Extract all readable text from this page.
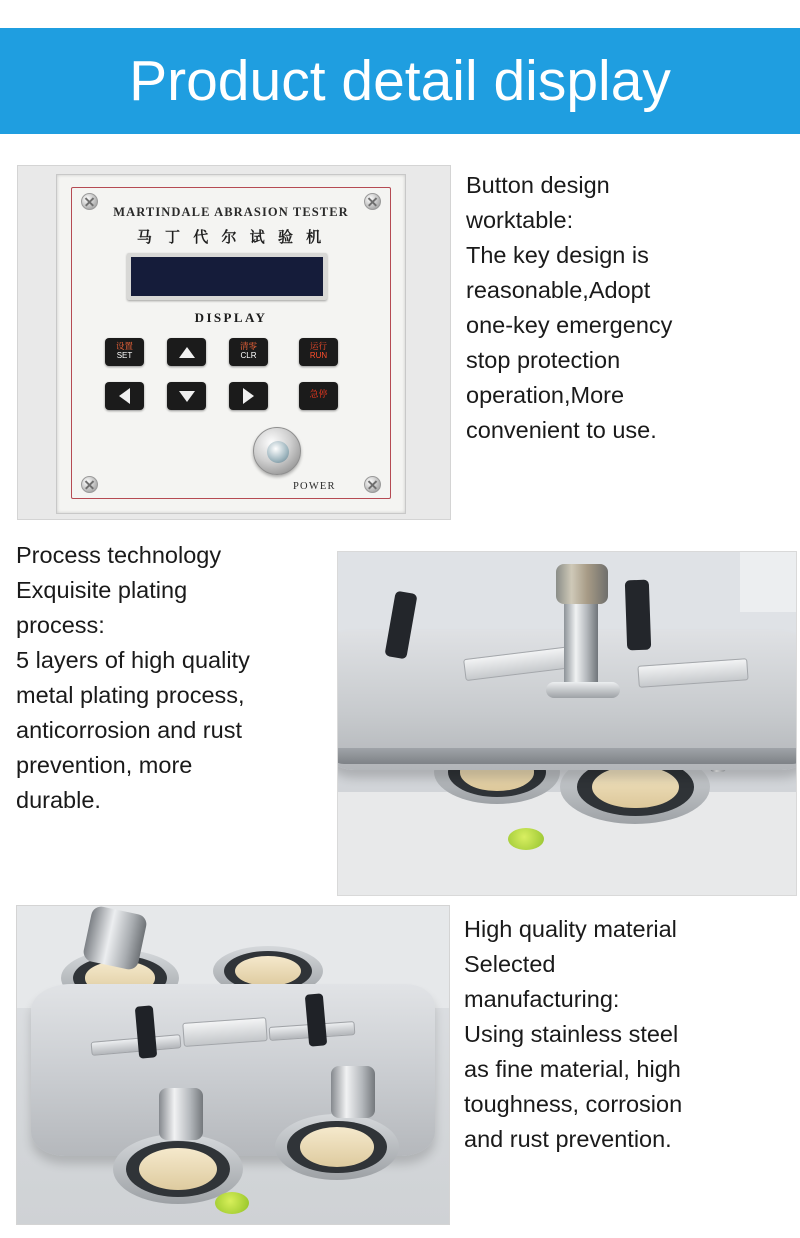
Product detail display
MARTINDALE ABRASION TESTER
马 丁 代 尔 试 验 机
DISPLAY
设置
SET
清零
CLR
运行
RUN
急停
POWER
Button design
worktable:
The key design is
reasonable,Adopt
one-key emergency
stop protection
operation,More
convenient to use.
Process technology
Exquisite plating
process:
5 layers of high quality
metal plating process,
anticorrosion and rust
prevention, more
durable.
High quality material
Selected
manufacturing:
Using stainless steel
as fine material, high
toughness, corrosion
and rust prevention.
